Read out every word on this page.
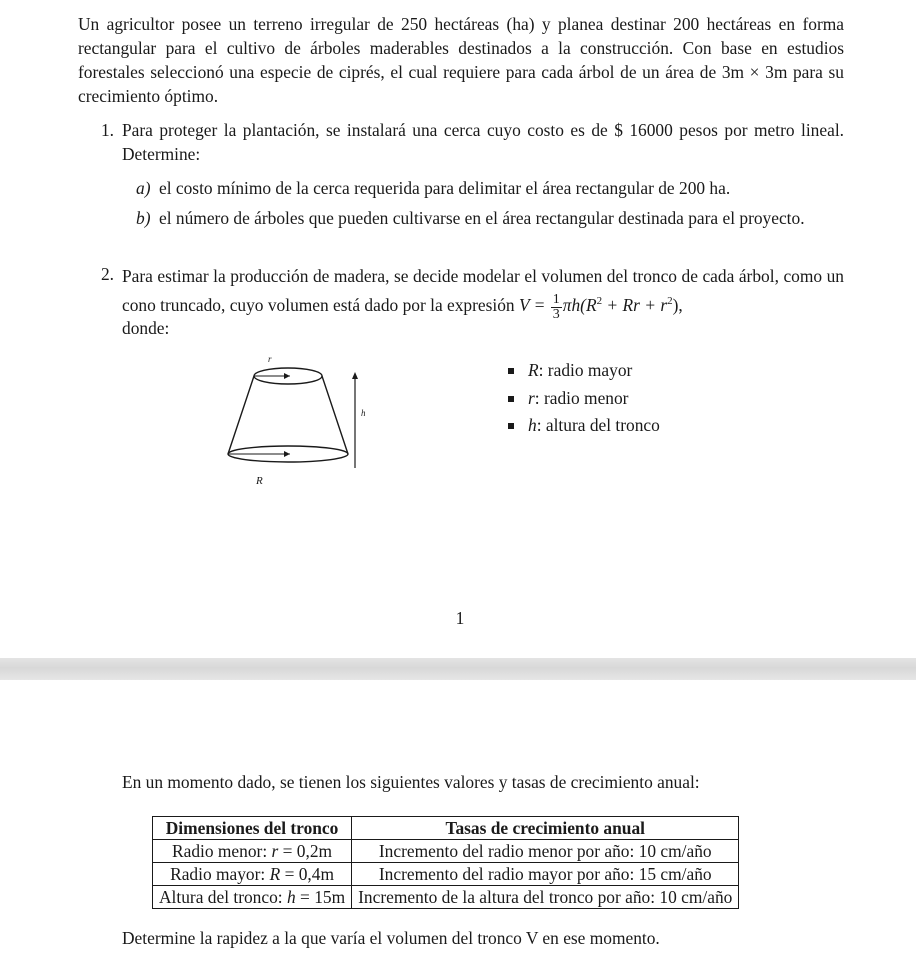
Un agricultor posee un terreno irregular de 250 hectáreas (ha) y planea destinar 200 hectáreas en forma rectangular para el cultivo de árboles maderables destinados a la construcción. Con base en estudios forestales seleccionó una especie de ciprés, el cual requiere para cada árbol de un área de 3m × 3m para su crecimiento óptimo.
1. Para proteger la plantación, se instalará una cerca cuyo costo es de $ 16000 pesos por metro lineal. Determine:
a) el costo mínimo de la cerca requerida para delimitar el área rectangular de 200 ha.
b) el número de árboles que pueden cultivarse en el área rectangular destinada para el proyecto.
2. Para estimar la producción de madera, se decide modelar el volumen del tronco de cada árbol, como un cono truncado, cuyo volumen está dado por la expresión $V = \frac{1}{3} \pi h(R^2 + Rr + r^2)$,
donde:
r
h
R
R: radio mayor
r: radio menor
h: altura del tronco
1
En un momento dado, se tienen los siguientes valores y tasas de crecimiento anual:
Dimensiones del tronco	Tasas de crecimiento anual
Radio menor: r = 0,2m	Incremento del radio menor por año: 10 cm/año
Radio mayor: R = 0,4m	Incremento del radio mayor por año: 15 cm/año
Altura del tronco: h = 15m	Incremento de la altura del tronco por año: 10 cm/año
Determine la rapidez a la que varía el volumen del tronco V en ese momento.
